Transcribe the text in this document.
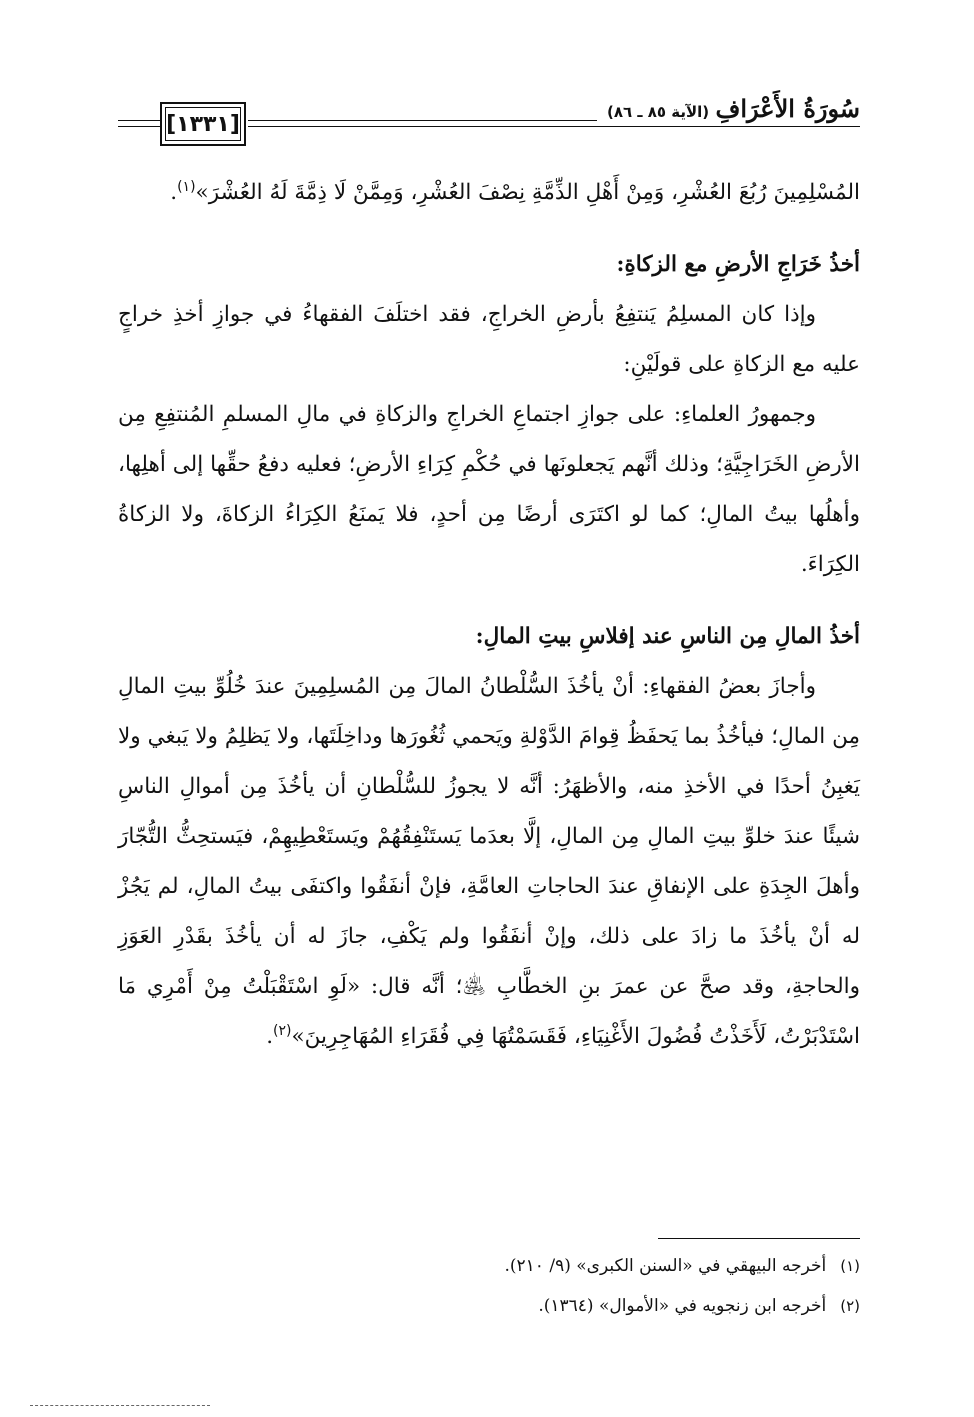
[١٣٣١]
سُورَةُ الأَعْرَافِ (الآية ٨٥ ـ ٨٦)

المُسْلِمِينَ رُبُعَ العُشْرِ، وَمِنْ أَهْلِ الذِّمَّةِ نِصْفَ العُشْرِ، وَمِمَّنْ لَا ذِمَّةَ لَهُ العُشْرَ»$^{(١)}$.

أخذُ خَرَاجِ الأرضِ مع الزكاةِ:

وإذا كان المسلِمُ يَنتفِعُ بأرضِ الخراجِ، فقد اختلَفَ الفقهاءُ في جوازِ أخذِ خراجٍ عليه مع الزكاةِ على قولَيْنِ:

وجمهورُ العلماءِ: على جوازِ اجتماعِ الخراجِ والزكاةِ في مالِ المسلمِ المُنتفِعِ مِن الأرضِ الخَرَاجِيَّةِ؛ وذلك أنَّهم يَجعلونَها في حُكْمِ كِرَاءِ الأرضِ؛ فعليه دفعُ حقِّها إلى أهلِها، وأهلُها بيتُ المالِ؛ كما لو اكتَرَى أرضًا مِن أحدٍ، فلا يَمنَعُ الكِرَاءُ الزكاةَ، ولا الزكاةُ الكِرَاءَ.

أخذُ المالِ مِن الناسِ عند إفلاسِ بيتِ المالِ:

وأجازَ بعضُ الفقهاءِ: أنْ يأخُذَ السُّلْطانُ المالَ مِن المُسلِمِينَ عندَ خُلُوِّ بيتِ المالِ مِن المالِ؛ فيأخُذُ بما يَحفَظُ قِوامَ الدَّوْلةِ ويَحمي ثُغُورَها وداخِلَتَها، ولا يَظلِمُ ولا يَبغي ولا يَغبِنُ أحدًا في الأخذِ منه، والأظهَرُ: أنَّه لا يجوزُ للسُّلْطانِ أن يأخُذَ مِن أموالِ الناسِ شيئًا عندَ خلوِّ بيتِ المالِ مِن المالِ، إلَّا بعدَما يَستَنْفِقُهُمْ ويَستَعْطِيهِمْ، فيَستحِثُّ التُّجّارَ وأهلَ الجِدَةِ على الإنفاقِ عندَ الحاجاتِ العامَّةِ، فإنْ أنفَقُوا واكتفَى بيتُ المالِ، لم يَجُزْ له أنْ يأخُذَ ما زادَ على ذلك، وإنْ أنفَقُوا ولم يَكْفِ، جازَ له أن يأخُذَ بقَدْرِ العَوَزِ والحاجةِ، وقد صحَّ عن عمرَ بنِ الخطَّابِ ﵁؛ أنَّه قال: «لَوِ اسْتَقْبَلْتُ مِنْ أَمْرِي مَا اسْتَدْبَرْتُ، لَأَخَذْتُ فُضُولَ الأَغْنِيَاءِ، فَقَسَمْتُهَا فِي فُقَرَاءِ المُهَاجِرِينَ»$^{(٢)}$.

(١)أخرجه البيهقي في «السنن الكبرى» (٩/ ٢١٠).

(٢)أخرجه ابن زنجويه في «الأموال» (١٣٦٤).
